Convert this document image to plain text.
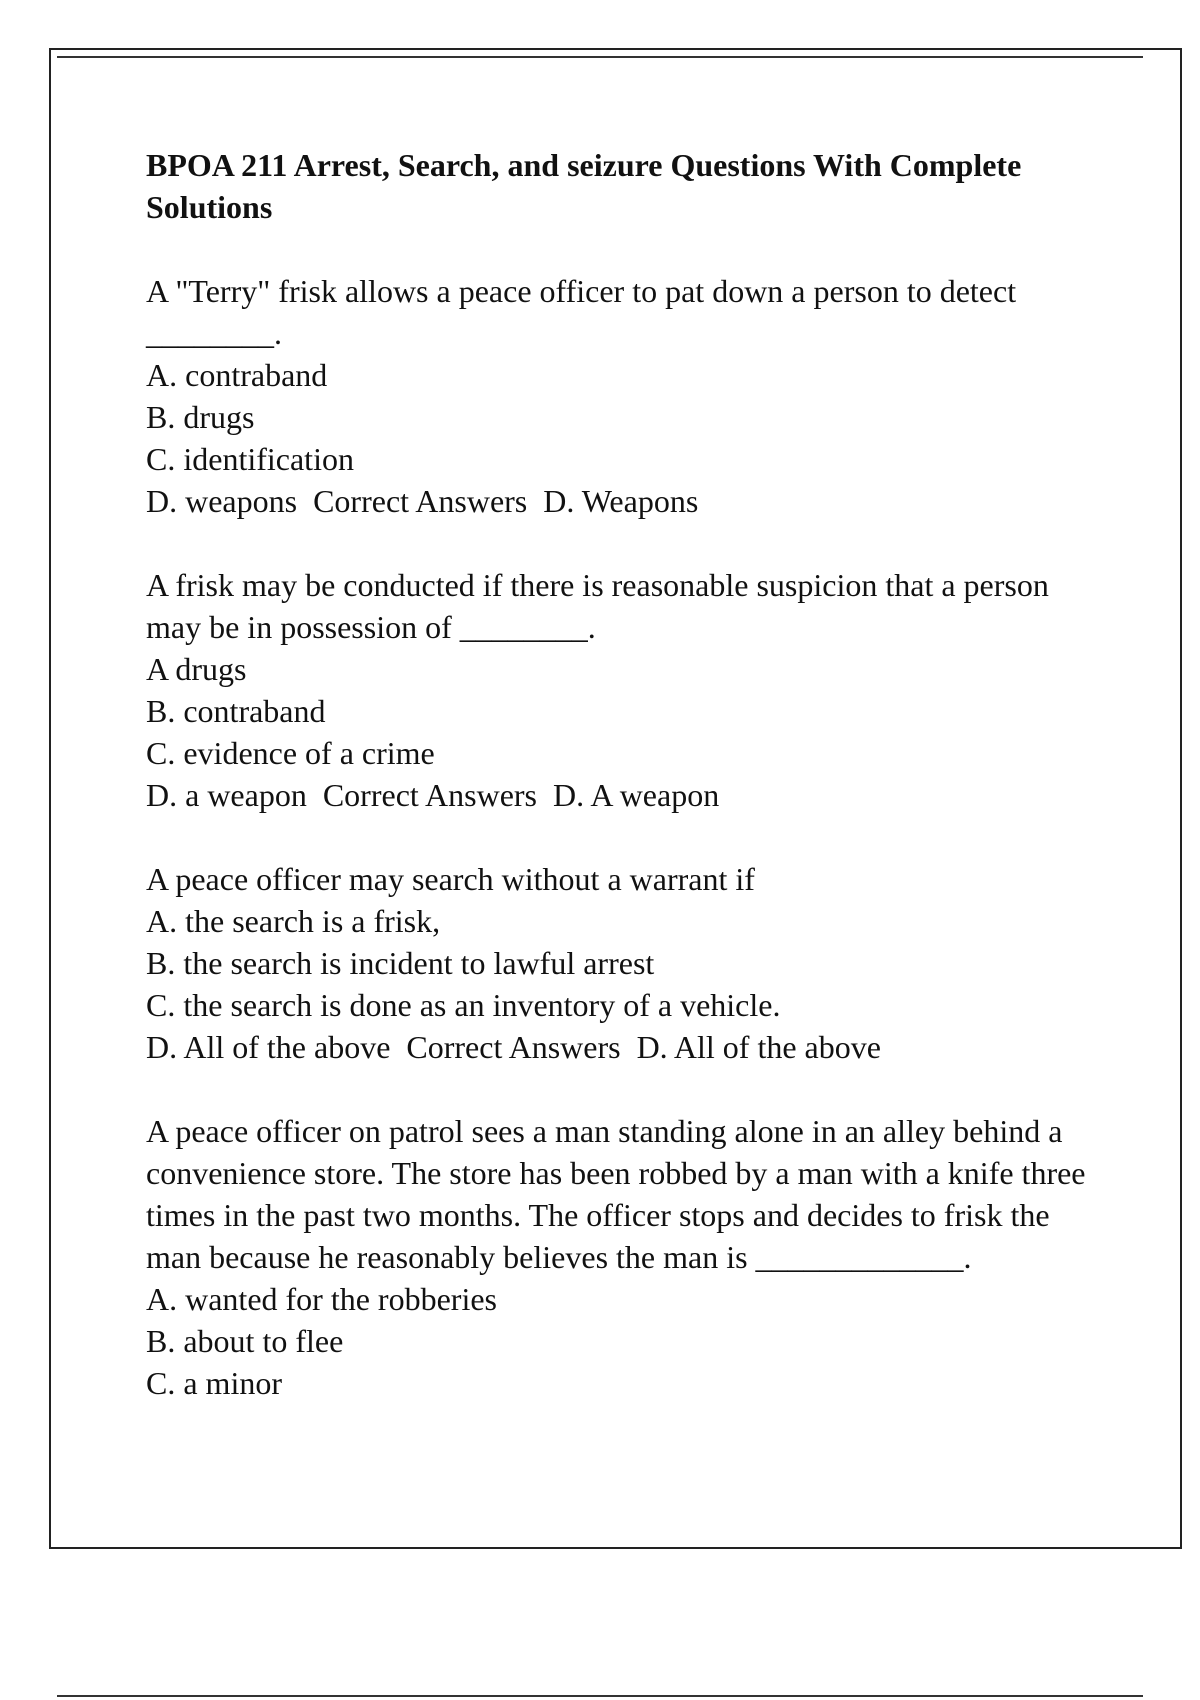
BPOA 211 Arrest, Search, and seizure Questions With Complete Solutions
A "Terry" frisk allows a peace officer to pat down a person to detect ________.
A. contraband
B. drugs
C. identification
D. weapons  Correct Answers  D. Weapons
A frisk may be conducted if there is reasonable suspicion that a person may be in possession of ________.
A drugs
B. contraband
C. evidence of a crime
D. a weapon  Correct Answers  D. A weapon
A peace officer may search without a warrant if
A. the search is a frisk,
B. the search is incident to lawful arrest
C. the search is done as an inventory of a vehicle.
D. All of the above  Correct Answers  D. All of the above
A peace officer on patrol sees a man standing alone in an alley behind a convenience store. The store has been robbed by a man with a knife three times in the past two months. The officer stops and decides to frisk the man because he reasonably believes the man is _____________.
A. wanted for the robberies
B. about to flee
C. a minor
